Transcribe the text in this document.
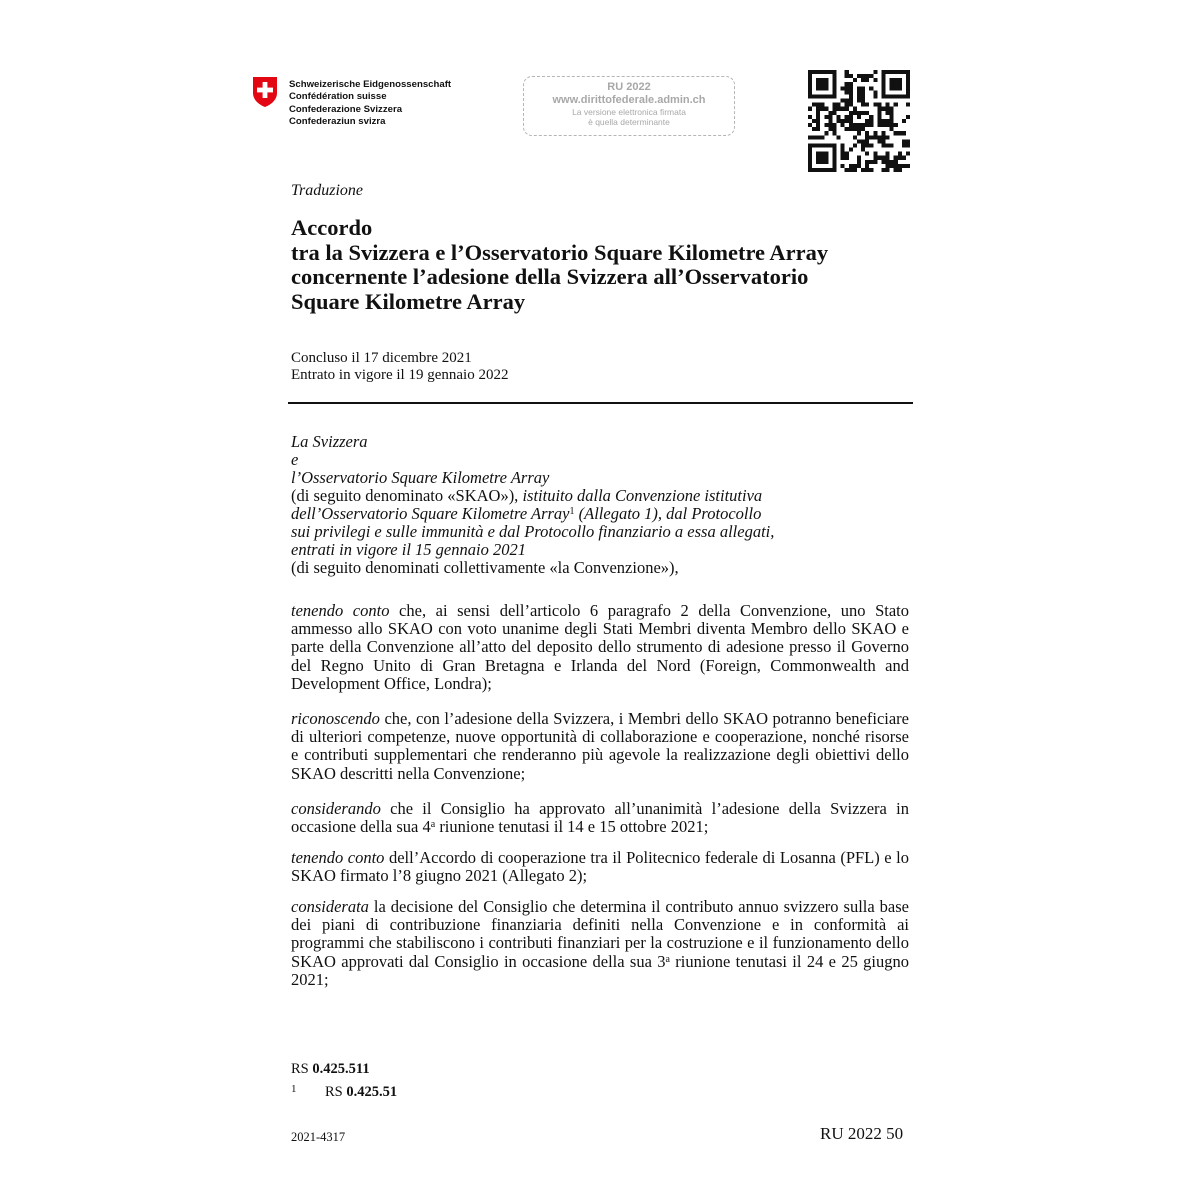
Schweizerische Eidgenossenschaft
Confédération suisse
Confederazione Svizzera
Confederaziun svizra
RU 2022
www.dirittofederale.admin.ch
La versione elettronica firmata
è quella determinante
Traduzione
Accordo
tra la Svizzera e l’Osservatorio Square Kilometre Array
concernente l’adesione della Svizzera all’Osservatorio
Square Kilometre Array
Concluso il 17 dicembre 2021
Entrato in vigore il 19 gennaio 2022
La Svizzera
e
l’Osservatorio Square Kilometre Array
(di seguito denominato «SKAO»), istituito dalla Convenzione istitutiva
dell’Osservatorio Square Kilometre Array$^1$ (Allegato 1), dal Protocollo
sui privilegi e sulle immunità e dal Protocollo finanziario a essa allegati,
entrati in vigore il 15 gennaio 2021
(di seguito denominati collettivamente «la Convenzione»),

tenendo conto che, ai sensi dell’articolo 6 paragrafo 2 della Convenzione, uno Stato ammesso allo SKAO con voto unanime degli Stati Membri diventa Membro dello SKAO e parte della Convenzione all’atto del deposito dello strumento di adesione presso il Governo del Regno Unito di Gran Bretagna e Irlanda del Nord (Foreign, Commonwealth and Development Office, Londra);

riconoscendo che, con l’adesione della Svizzera, i Membri dello SKAO potranno beneficiare di ulteriori competenze, nuove opportunità di collaborazione e cooperazione, nonché risorse e contributi supplementari che renderanno più agevole la realizzazione degli obiettivi dello SKAO descritti nella Convenzione;

considerando che il Consiglio ha approvato all’unanimità l’adesione della Svizzera in occasione della sua 4$^a$ riunione tenutasi il 14 e 15 ottobre 2021;

tenendo conto dell’Accordo di cooperazione tra il Politecnico federale di Losanna (PFL) e lo SKAO firmato l’8 giugno 2021 (Allegato 2);

considerata la decisione del Consiglio che determina il contributo annuo svizzero sulla base dei piani di contribuzione finanziaria definiti nella Convenzione e in conformità ai programmi che stabiliscono i contributi finanziari per la costruzione e il funzionamento dello SKAO approvati dal Consiglio in occasione della sua 3$^a$ riunione tenutasi il 24 e 25 giugno 2021;

RS 0.425.511
1 RS 0.425.51
2021-4317	RU 2022 50
